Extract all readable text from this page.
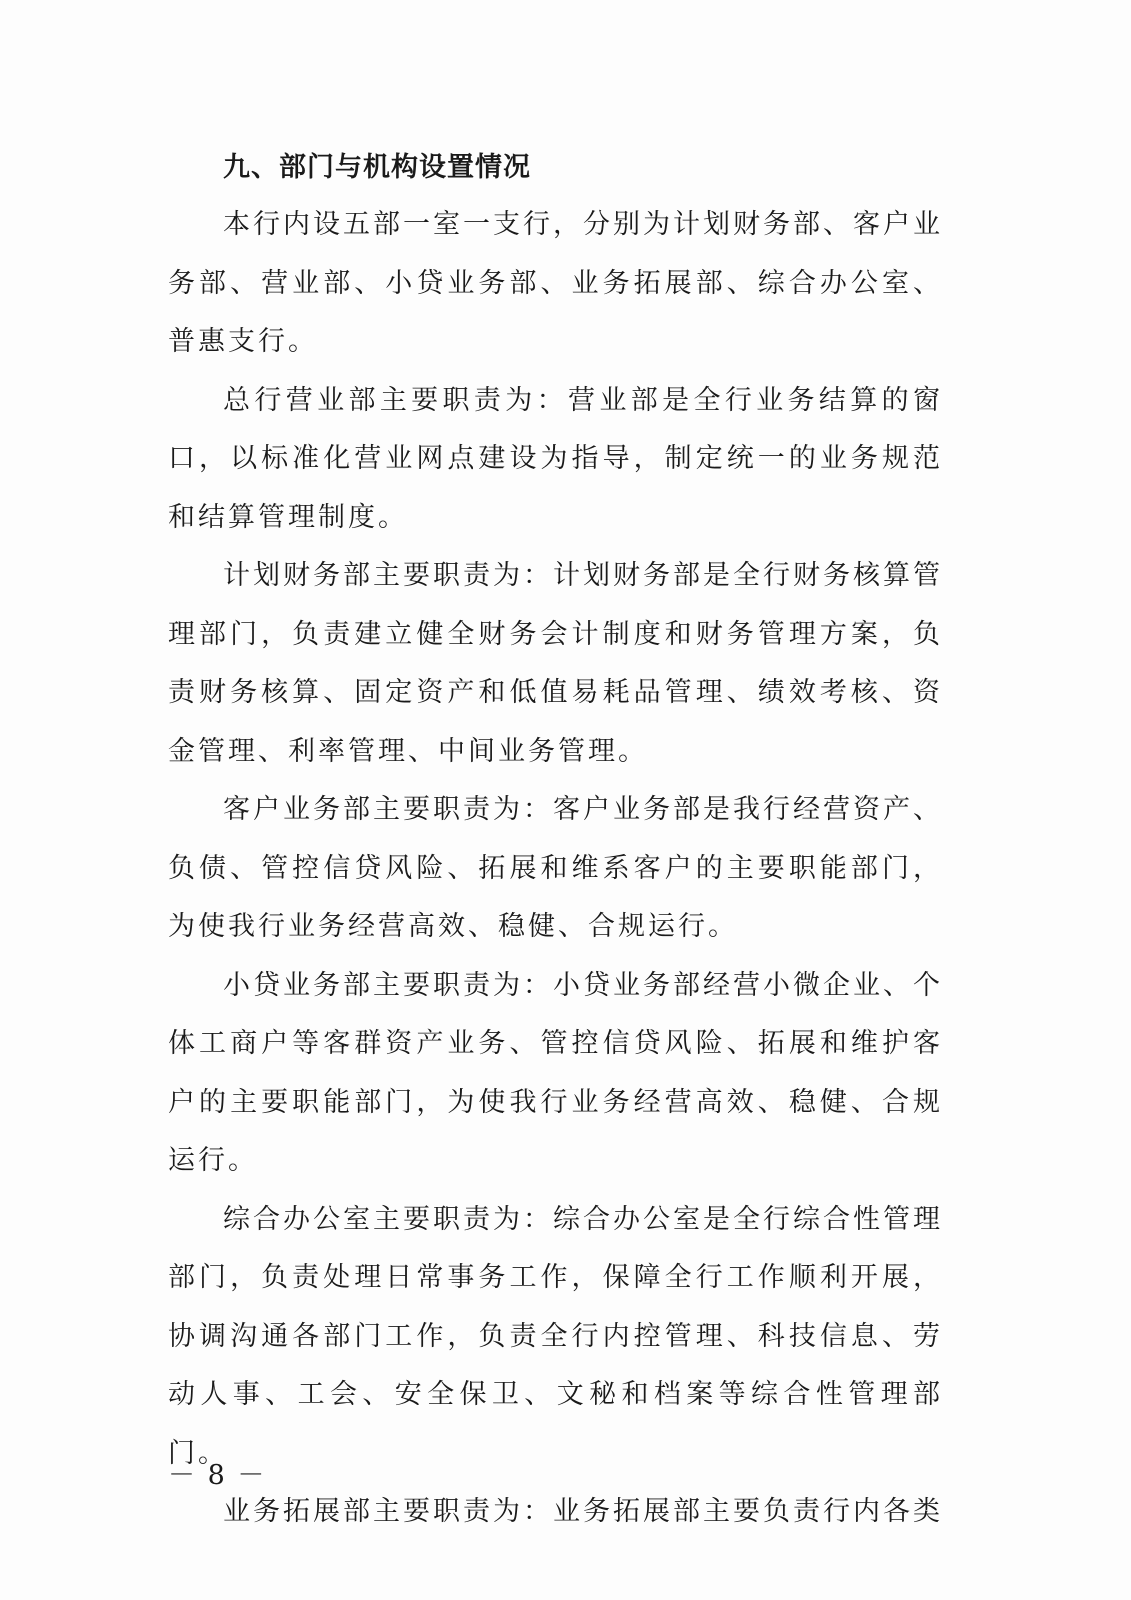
九、部门与机构设置情况

本行内设五部一室一支行，分别为计划财务部、客户业务部、营业部、小贷业务部、业务拓展部、综合办公室、普惠支行。

总行营业部主要职责为：营业部是全行业务结算的窗口，以标准化营业网点建设为指导，制定统一的业务规范和结算管理制度。

计划财务部主要职责为：计划财务部是全行财务核算管理部门，负责建立健全财务会计制度和财务管理方案，负责财务核算、固定资产和低值易耗品管理、绩效考核、资金管理、利率管理、中间业务管理。

客户业务部主要职责为：客户业务部是我行经营资产、负债、管控信贷风险、拓展和维系客户的主要职能部门，为使我行业务经营高效、稳健、合规运行。

小贷业务部主要职责为：小贷业务部经营小微企业、个体工商户等客群资产业务、管控信贷风险、拓展和维护客户的主要职能部门，为使我行业务经营高效、稳健、合规运行。

综合办公室主要职责为：综合办公室是全行综合性管理部门，负责处理日常事务工作，保障全行工作顺利开展，协调沟通各部门工作，负责全行内控管理、科技信息、劳动人事、工会、安全保卫、文秘和档案等综合性管理部门。

业务拓展部主要职责为：业务拓展部主要负责行内各类

－ 8 －
